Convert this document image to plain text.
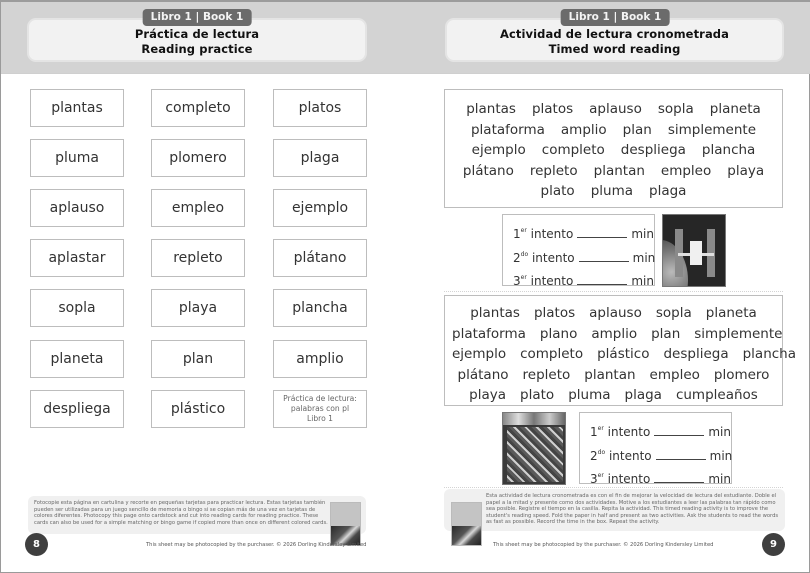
Práctica de lectura
Reading practice
Libro 1 | Book 1
plantas	completo	platos
pluma	plomero	plaga
aplauso	empleo	ejemplo
aplastar	repleto	plátano
sopla	playa	plancha
planeta	plan	amplio
despliega	plástico
Práctica de lectura:
palabras con pl
Libro 1
Fotocopie esta página en cartulina y recorte en pequeñas tarjetas para practicar lectura. Estas tarjetas también pueden ser utilizadas para un juego sencillo de memoria o bingo si se copian más de una vez en tarjetas de colores diferentes. Photocopy this page onto cardstock and cut into reading cards for reading practice. These cards can also be used for a simple matching or bingo game if copied more than once on different colored cards.
8	This sheet may be photocopied by the purchaser. © 2026 Dorling Kindersley Limited
Actividad de lectura cronometrada
Timed word reading
Libro 1 | Book 1
plantas platos aplauso sopla planeta
plataforma amplio plan simplemente
ejemplo completo despliega plancha
plátano repleto plantan empleo playa
plato pluma plaga
1er intento	min
$2^{do}$ intento	min
3er intento	min
plantas platos aplauso sopla planeta
plataforma plano amplio plan simplemente
ejemplo completo plástico despliega plancha
plátano repleto plantan empleo plomero
playa plato pluma plaga cumpleaños
1er intento	min
$2^{do}$ intento	min
3er intento	min
Esta actividad de lectura cronometrada es con el fin de mejorar la velocidad de lectura del estudiante. Doble el papel a la mitad y presente como dos actividades. Motive a los estudiantes a leer las palabras tan rápido como sea posible. Registre el tiempo en la casilla. Repita la actividad. This timed reading activity is to improve the student's reading speed. Fold the paper in half and present as two activities. Ask the students to read the words as fast as possible. Record the time in the box. Repeat the activity.
9
This sheet may be photocopied by the purchaser. © 2026 Dorling Kindersley Limited
